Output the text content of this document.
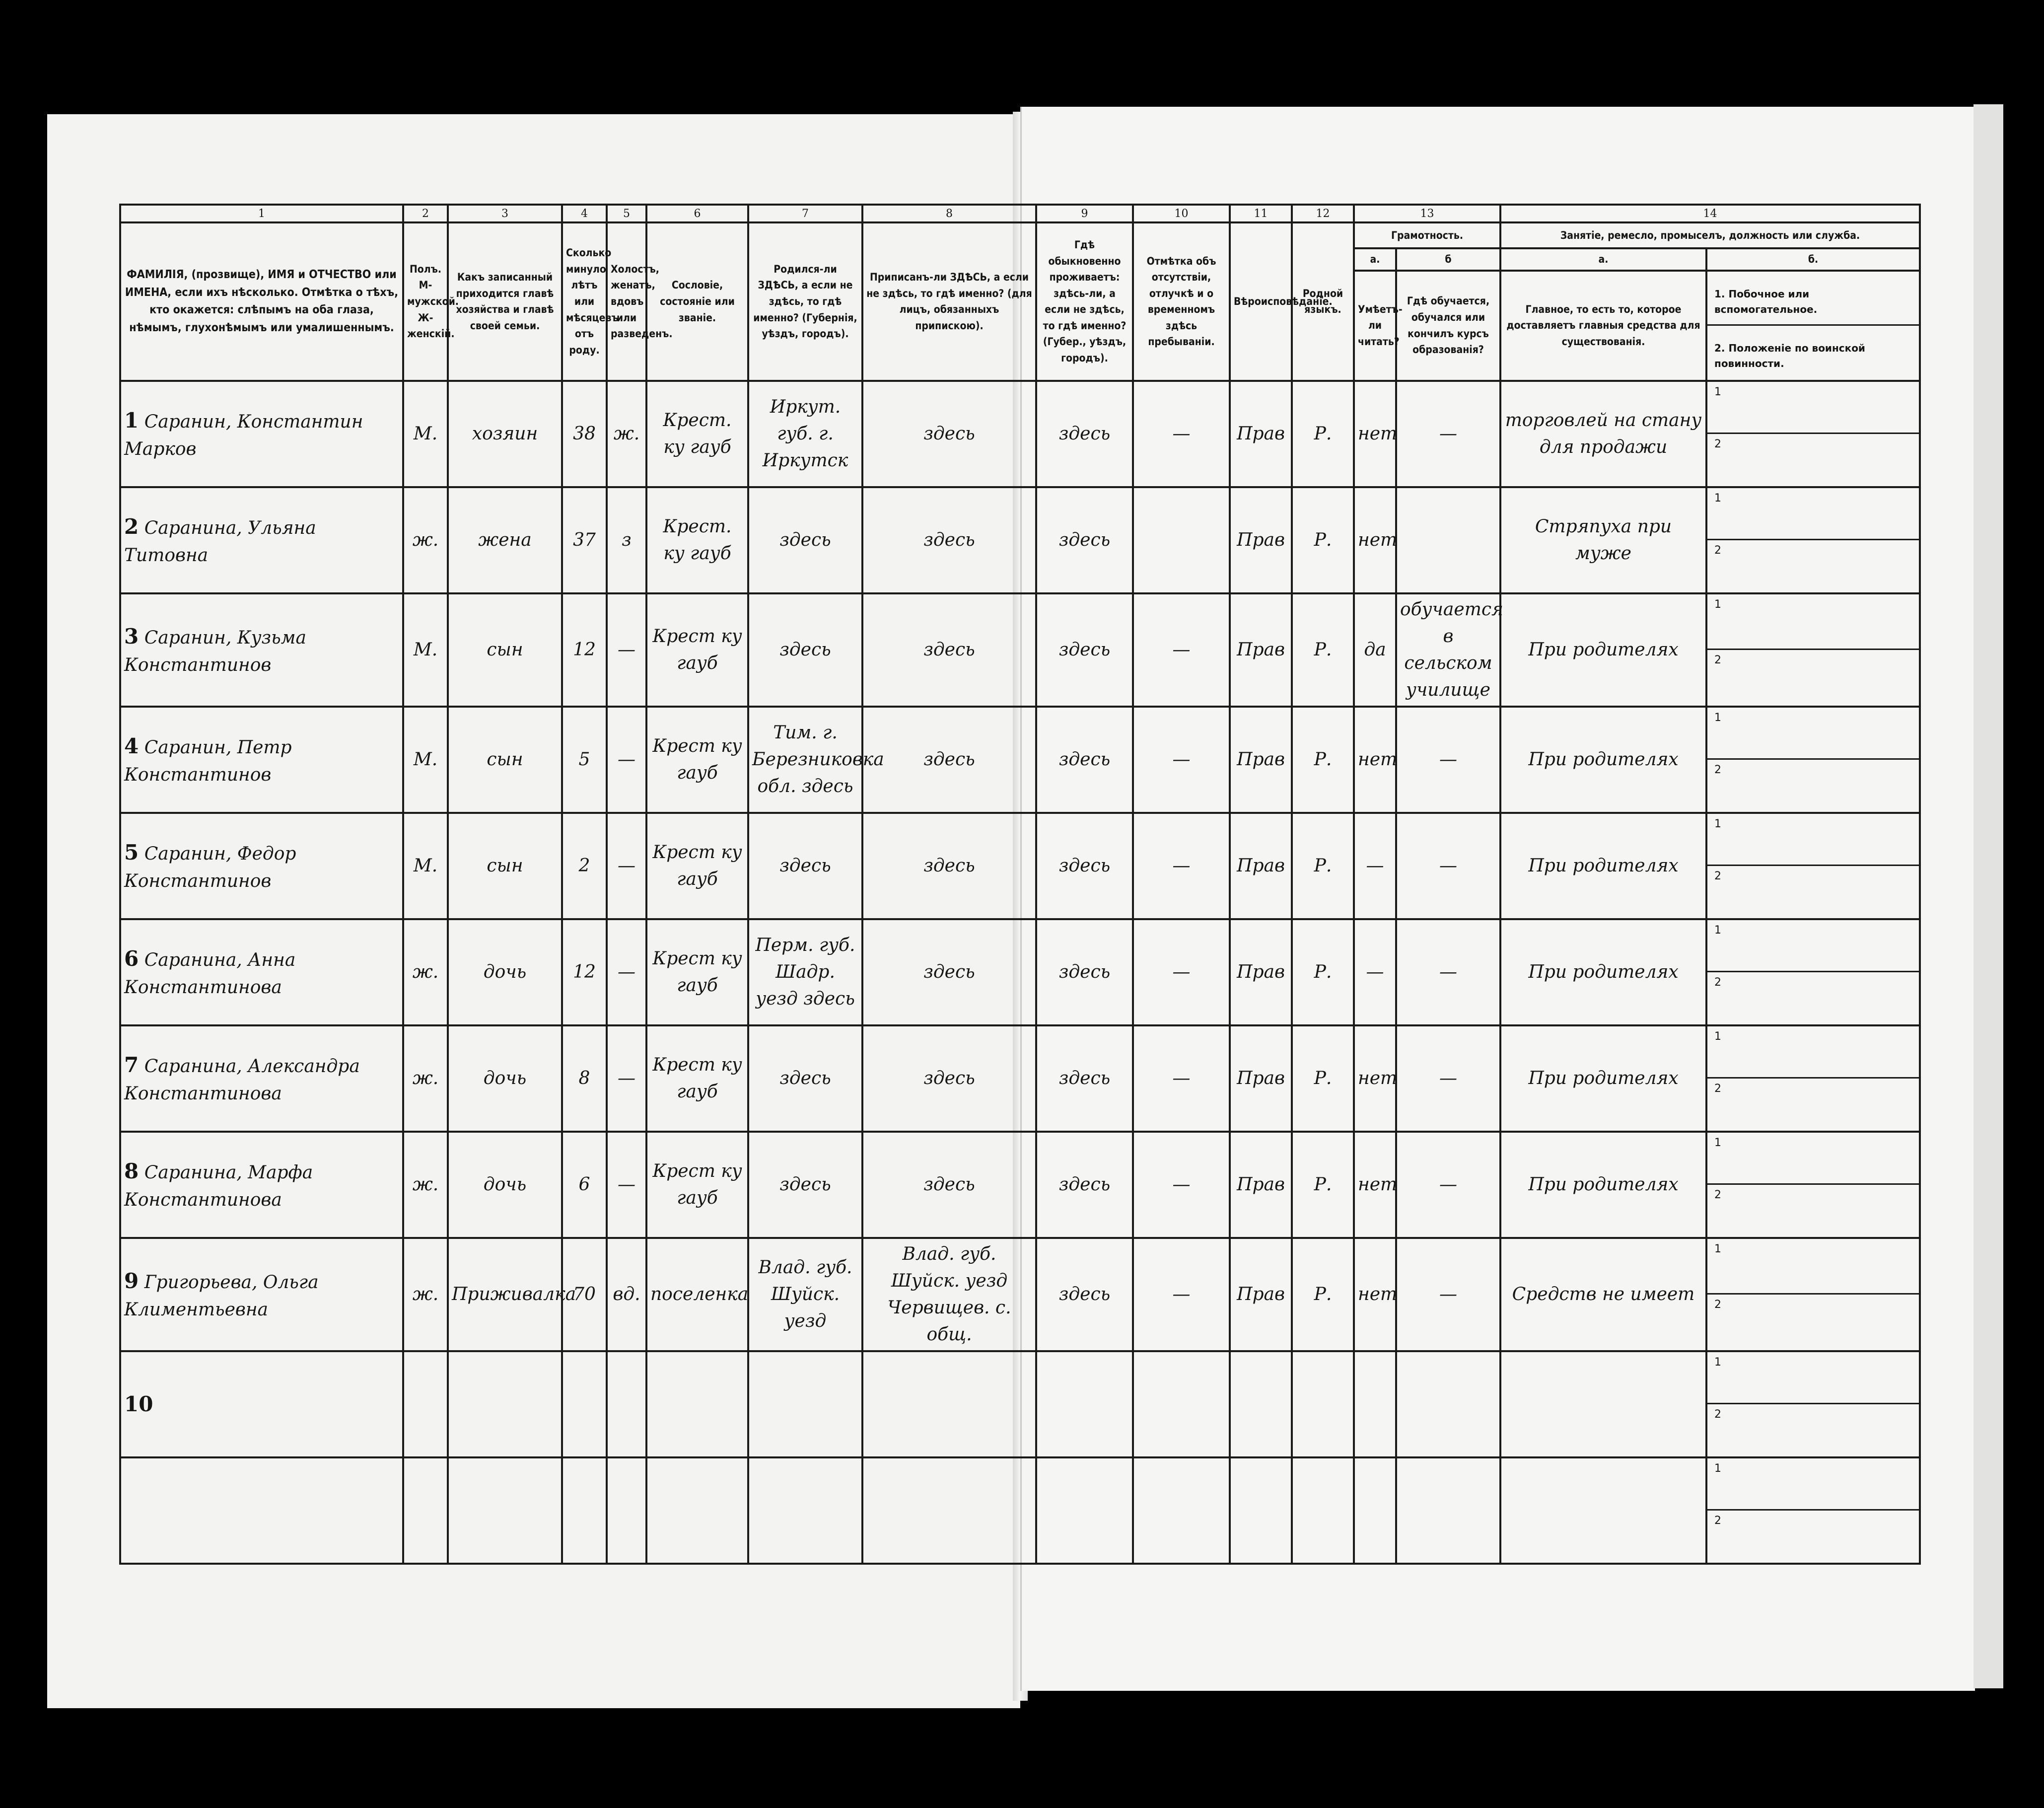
1	2	3	4	5	6	7	8	9	10	11	12	13		14	
ФАМИЛІЯ, (прозвище), ИМЯ и ОТЧЕСТВО или ИМЕНА, если ихъ нѣсколько. Отмѣтка о тѣхъ, кто окажется: слѣпымъ на оба глаза, нѣмымъ, глухонѣмымъ или умалишеннымъ.	Полъ. М-мужской. Ж-женскій.	Какъ записанный приходится главѣ хозяйства и главѣ своей семьи.	Сколько минуло лѣтъ или мѣсяцевъ отъ роду.	Холостъ, женатъ, вдовъ или разведенъ.	Сословіе, состояніе или званіе.	Родился-ли ЗДѢСЬ, а если не здѣсь, то гдѣ именно? (Губернія, уѣздъ, городъ).	Приписанъ-ли ЗДѢСЬ, а если не здѣсь, то гдѣ именно? (для лицъ, обязанныхъ припискою).	Гдѣ обыкновенно проживаетъ: здѣсь-ли, а если не здѣсь, то гдѣ именно? (Губер., уѣздъ, городъ).	Отмѣтка объ отсутствіи, отлучкѣ и о временномъ здѣсь пребываніи.	Вѣроисповѣданіе.	Родной языкъ.	Грамотность.		Занятіе, ремесло, промыселъ, должность или служба.	
												а.	б	а.	б.
												Умѣетъ-ли читать?	Гдѣ обучается, обучался или кончилъ курсъ образованія?	Главное, то есть то, которое доставляетъ главныя средства для существованія.	1. Побочное или вспомогательное.
2. Положеніе по воинской повинности.

1 Саранин, Константин Марков	М.	хозяин	38	ж.	Крест. ку гауб	Иркут. губ. г. Иркутск	здесь	здесь	—	Прав	Р.	нет	—	торговлей на стану для продажи	1
2

2 Саранина, Ульяна Титовна	ж.	жена	37	з	Крест. ку гауб	здесь	здесь	здесь		Прав	Р.	нет		Стряпуха при муже	1
2

3 Саранин, Кузьма Константинов	М.	сын	12	—	Крест ку гауб	здесь	здесь	здесь	—	Прав	Р.	да	обучается в сельском училище	При родителях	1
2

4 Саранин, Петр Константинов	М.	сын	5	—	Крест ку гауб	Тим. г. Березниковка обл. здесь	здесь	здесь	—	Прав	Р.	нет	—	При родителях	1
2

5 Саранин, Федор Константинов	М.	сын	2	—	Крест ку гауб	здесь	здесь	здесь	—	Прав	Р.	—	—	При родителях	1
2

6 Саранина, Анна Константинова	ж.	дочь	12	—	Крест ку гауб	Перм. губ. Шадр. уезд здесь	здесь	здесь	—	Прав	Р.	—	—	При родителях	1
2

7 Саранина, Александра Константинова	ж.	дочь	8	—	Крест ку гауб	здесь	здесь	здесь	—	Прав	Р.	нет	—	При родителях	1
2

8 Саранина, Марфа Константинова	ж.	дочь	6	—	Крест ку гауб	здесь	здесь	здесь	—	Прав	Р.	нет	—	При родителях	1
2

9 Григорьева, Ольга Климентьевна	ж.	Приживалка	70	вд.	поселенка	Влад. губ. Шуйск. уезд	Влад. губ. Шуйск. уезд Червищев. с. общ.	здесь	—	Прав	Р.	нет	—	Средств не имеет	1
2

10															1
2

															1
2
